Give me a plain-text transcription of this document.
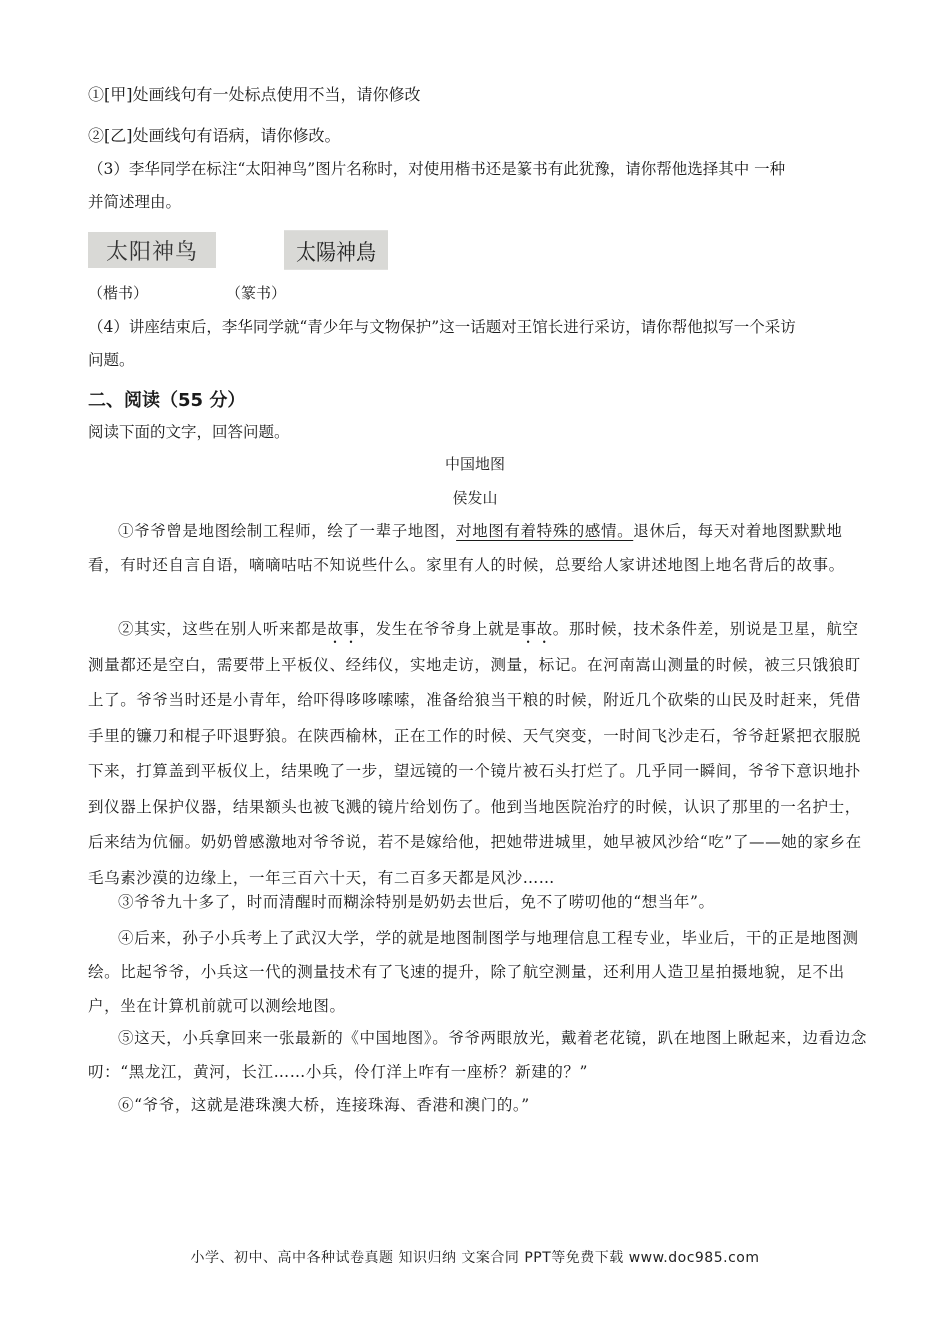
①[甲]处画线句有一处标点使用不当，请你修改
②[乙]处画线句有语病，请你修改。
（3）李华同学在标注“太阳神鸟”图片名称时，对使用楷书还是篆书有此犹豫，请你帮他选择其中 一种
并简述理由。
太阳神鸟	太陽神鳥
（楷书）	（篆书）
（4）讲座结束后，李华同学就“青少年与文物保护”这一话题对王馆长进行采访，请你帮他拟写一个采访
问题。
二、阅读（55 分）
阅读下面的文字，回答问题。
中国地图
侯发山
①爷爷曾是地图绘制工程师，绘了一辈子地图，对地图有着特殊的感情。退休后，每天对着地图默默地看，有时还自言自语，嘀嘀咕咕不知说些什么。家里有人的时候，总要给人家讲述地图上地名背后的故事。
②其实，这些在别人听来都是故事，发生在爷爷身上就是事故。那时候，技术条件差，别说是卫星，航空测量都还是空白，需要带上平板仪、经纬仪，实地走访，测量，标记。在河南嵩山测量的时候，被三只饿狼盯上了。爷爷当时还是小青年，给吓得哆哆嗦嗦，准备给狼当干粮的时候，附近几个砍柴的山民及时赶来，凭借手里的镰刀和棍子吓退野狼。在陕西榆林，正在工作的时候、天气突变，一时间飞沙走石，爷爷赶紧把衣服脱下来，打算盖到平板仪上，结果晚了一步，望远镜的一个镜片被石头打烂了。几乎同一瞬间，爷爷下意识地扑到仪器上保护仪器，结果额头也被飞溅的镜片给划伤了。他到当地医院治疗的时候，认识了那里的一名护士，后来结为伉俪。奶奶曾感激地对爷爷说，若不是嫁给他，把她带进城里，她早被风沙给“吃”了——她的家乡在毛乌素沙漠的边缘上，一年三百六十天，有二百多天都是风沙……
③爷爷九十多了，时而清醒时而糊涂特别是奶奶去世后，免不了唠叨他的“想当年”。
④后来，孙子小兵考上了武汉大学，学的就是地图制图学与地理信息工程专业，毕业后，干的正是地图测绘。比起爷爷，小兵这一代的测量技术有了飞速的提升，除了航空测量，还利用人造卫星拍摄地貌，足不出户，坐在计算机前就可以测绘地图。
⑤这天，小兵拿回来一张最新的《中国地图》。爷爷两眼放光，戴着老花镜，趴在地图上瞅起来，边看边念叨：“黑龙江，黄河，长江……小兵，伶仃洋上咋有一座桥？新建的？”
⑥“爷爷，这就是港珠澳大桥，连接珠海、香港和澳门的。”
小学、初中、高中各种试卷真题 知识归纳 文案合同 PPT等免费下载 www.doc985.com
